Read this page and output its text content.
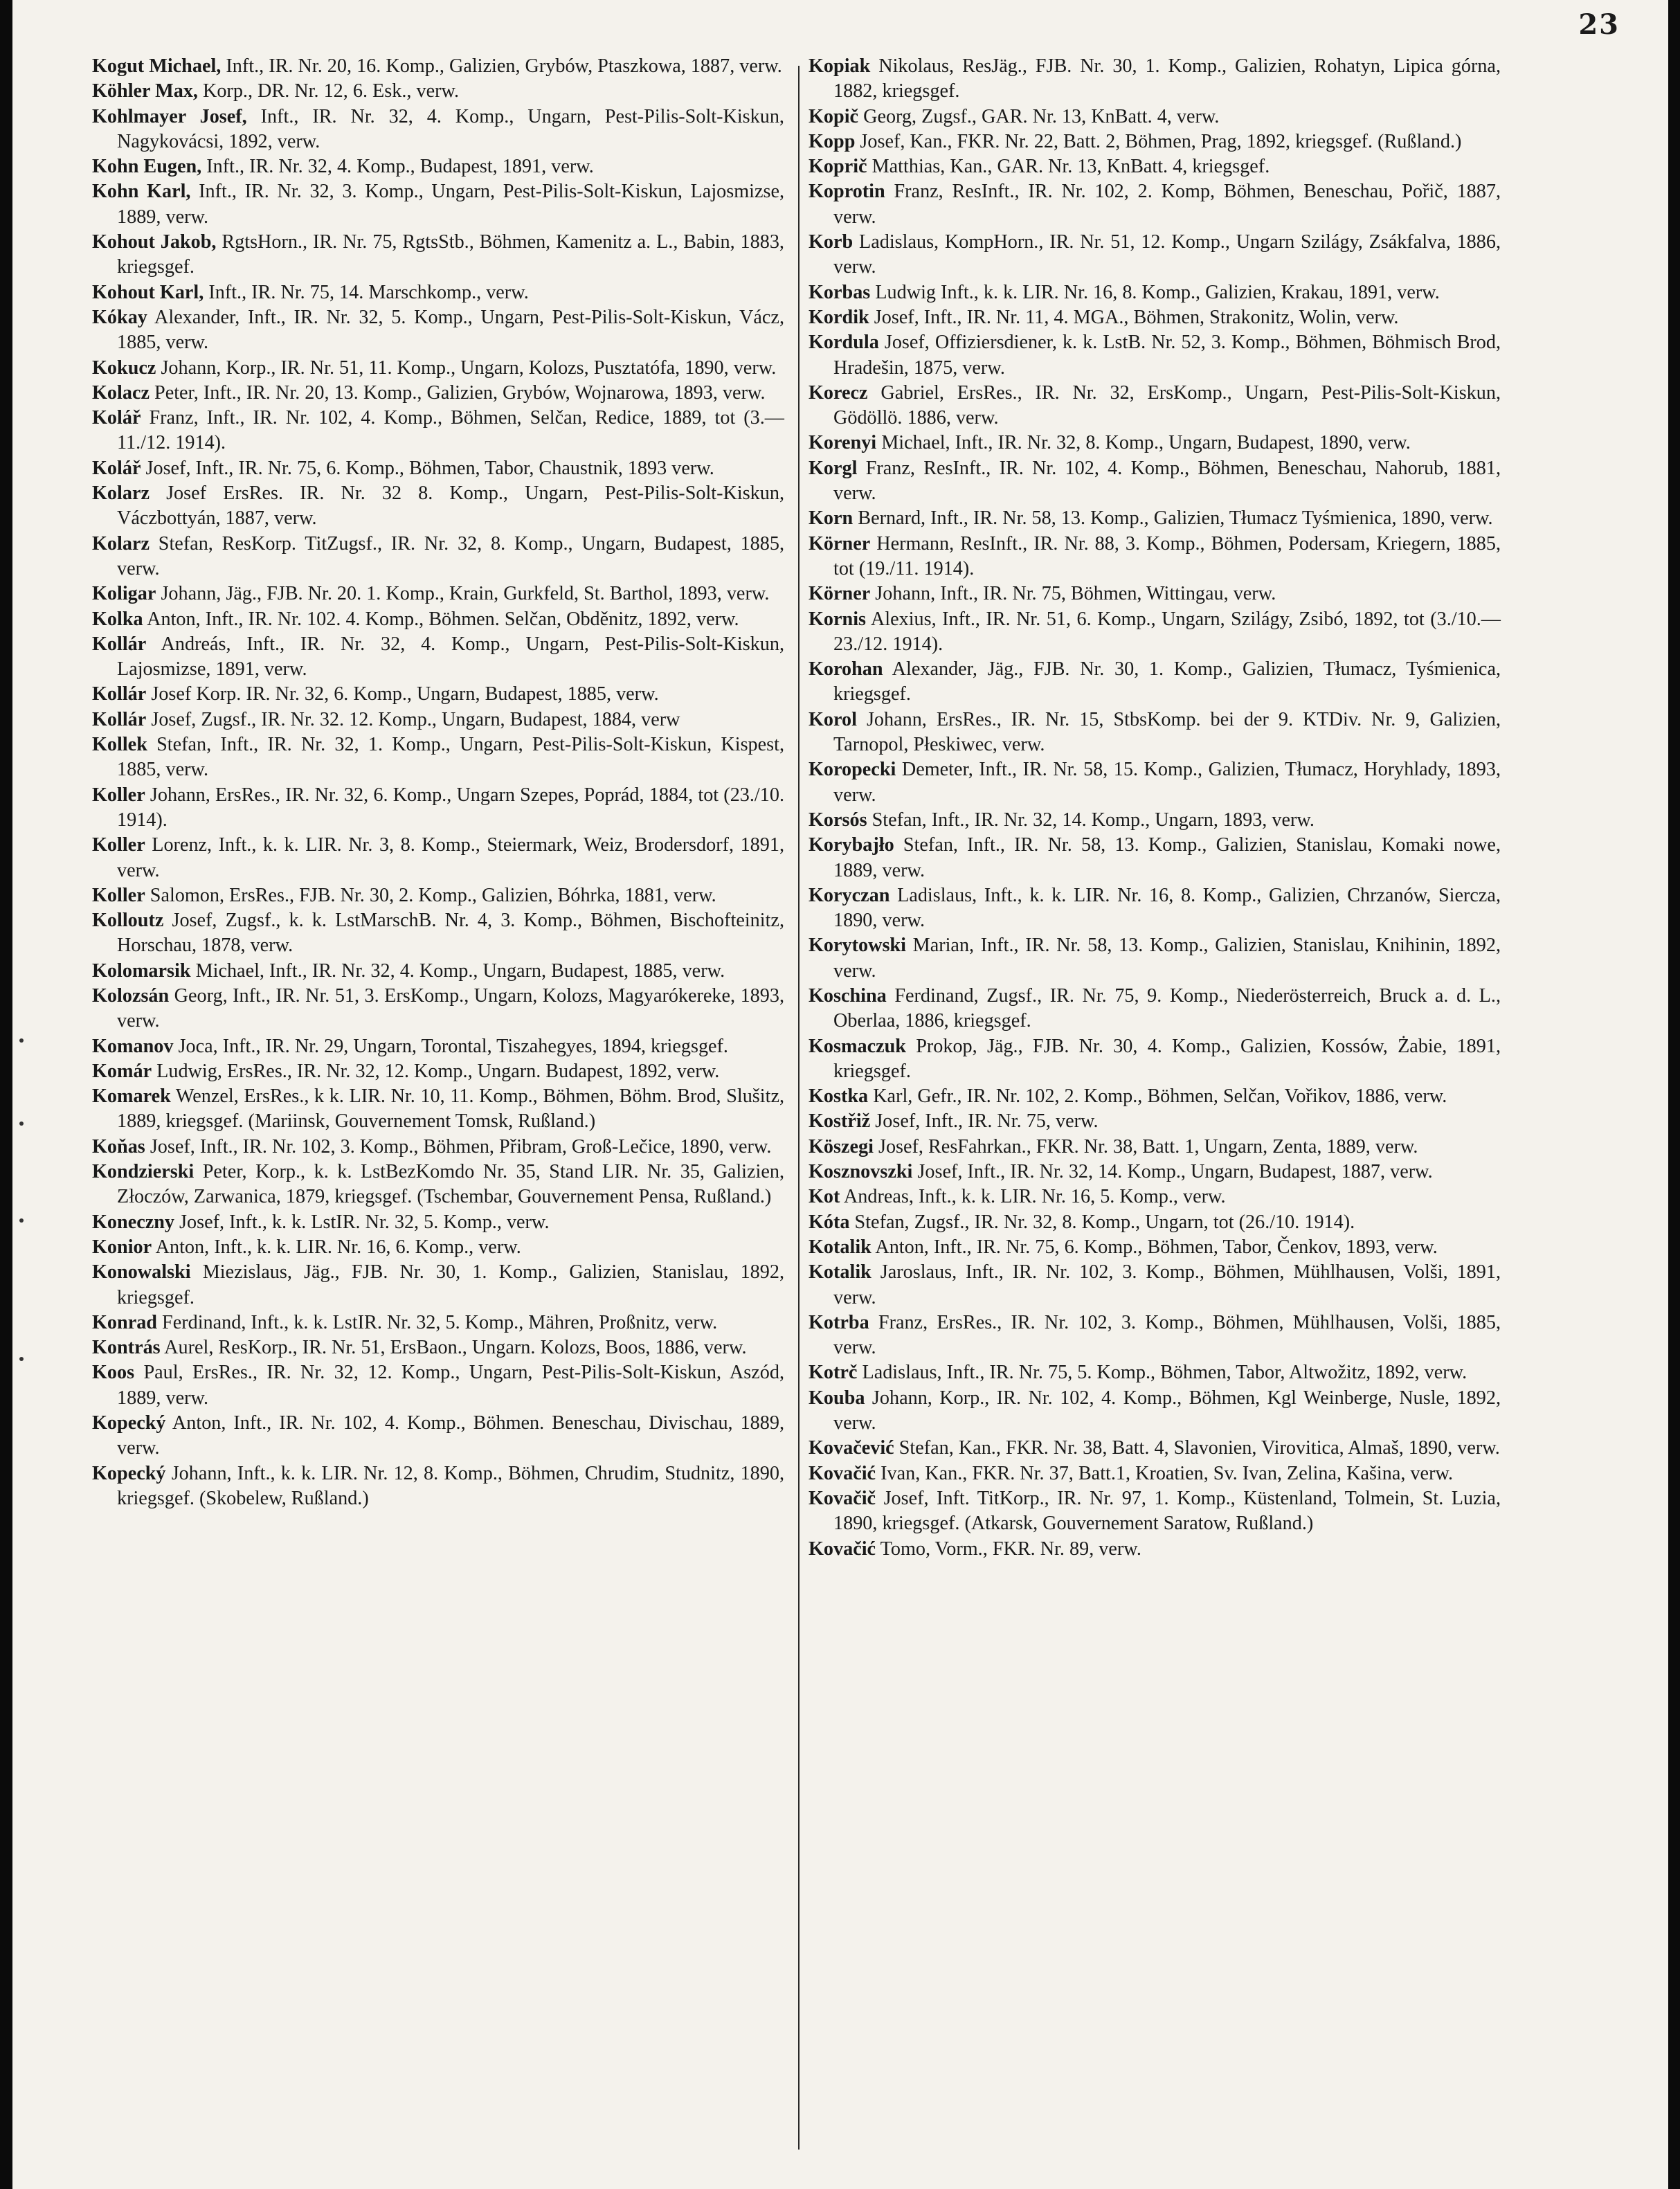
23

Kogut Michael, Inft., IR. Nr. 20, 16. Komp., Galizien, Grybów, Ptaszkowa, 1887, verw.

Köhler Max, Korp., DR. Nr. 12, 6. Esk., verw.

Kohlmayer Josef, Inft., IR. Nr. 32, 4. Komp., Ungarn, Pest-Pilis-Solt-Kiskun, Nagykovácsi, 1892, verw.

Kohn Eugen, Inft., IR. Nr. 32, 4. Komp., Budapest, 1891, verw.

Kohn Karl, Inft., IR. Nr. 32, 3. Komp., Ungarn, Pest-Pilis-Solt-Kiskun, Lajosmizse, 1889, verw.

Kohout Jakob, RgtsHorn., IR. Nr. 75, RgtsStb., Böhmen, Kamenitz a. L., Babin, 1883, kriegsgef.

Kohout Karl, Inft., IR. Nr. 75, 14. Marschkomp., verw.

Kókay Alexander, Inft., IR. Nr. 32, 5. Komp., Ungarn, Pest-Pilis-Solt-Kiskun, Vácz, 1885, verw.

Kokucz Johann, Korp., IR. Nr. 51, 11. Komp., Ungarn, Kolozs, Pusztatófa, 1890, verw.

Kolacz Peter, Inft., IR. Nr. 20, 13. Komp., Galizien, Grybów, Wojnarowa, 1893, verw.

Kolář Franz, Inft., IR. Nr. 102, 4. Komp., Böhmen, Selčan, Redice, 1889, tot (3.—11./12. 1914).

Kolář Josef, Inft., IR. Nr. 75, 6. Komp., Böhmen, Tabor, Chaustnik, 1893 verw.

Kolarz Josef ErsRes. IR. Nr. 32 8. Komp., Ungarn, Pest-Pilis-Solt-Kiskun, Váczbottyán, 1887, verw.

Kolarz Stefan, ResKorp. TitZugsf., IR. Nr. 32, 8. Komp., Ungarn, Budapest, 1885, verw.

Koligar Johann, Jäg., FJB. Nr. 20. 1. Komp., Krain, Gurkfeld, St. Barthol, 1893, verw.

Kolka Anton, Inft., IR. Nr. 102. 4. Komp., Böhmen. Selčan, Obděnitz, 1892, verw.

Kollár Andreás, Inft., IR. Nr. 32, 4. Komp., Ungarn, Pest-Pilis-Solt-Kiskun, Lajosmizse, 1891, verw.

Kollár Josef Korp. IR. Nr. 32, 6. Komp., Ungarn, Budapest, 1885, verw.

Kollár Josef, Zugsf., IR. Nr. 32. 12. Komp., Ungarn, Budapest, 1884, verw

Kollek Stefan, Inft., IR. Nr. 32, 1. Komp., Ungarn, Pest-Pilis-Solt-Kiskun, Kispest, 1885, verw.

Koller Johann, ErsRes., IR. Nr. 32, 6. Komp., Ungarn Szepes, Poprád, 1884, tot (23./10. 1914).

Koller Lorenz, Inft., k. k. LIR. Nr. 3, 8. Komp., Steiermark, Weiz, Brodersdorf, 1891, verw.

Koller Salomon, ErsRes., FJB. Nr. 30, 2. Komp., Galizien, Bóhrka, 1881, verw.

Kolloutz Josef, Zugsf., k. k. LstMarschB. Nr. 4, 3. Komp., Böhmen, Bischofteinitz, Horschau, 1878, verw.

Kolomarsik Michael, Inft., IR. Nr. 32, 4. Komp., Ungarn, Budapest, 1885, verw.

Kolozsán Georg, Inft., IR. Nr. 51, 3. ErsKomp., Ungarn, Kolozs, Magyarókereke, 1893, verw.

Komanov Joca, Inft., IR. Nr. 29, Ungarn, Torontal, Tiszahegyes, 1894, kriegsgef.

Komár Ludwig, ErsRes., IR. Nr. 32, 12. Komp., Ungarn. Budapest, 1892, verw.

Komarek Wenzel, ErsRes., k k. LIR. Nr. 10, 11. Komp., Böhmen, Böhm. Brod, Slušitz, 1889, kriegsgef. (Mariinsk, Gouvernement Tomsk, Rußland.)

Koňas Josef, Inft., IR. Nr. 102, 3. Komp., Böhmen, Přibram, Groß-Lečice, 1890, verw.

Kondzierski Peter, Korp., k. k. LstBezKomdo Nr. 35, Stand LIR. Nr. 35, Galizien, Złoczów, Zarwanica, 1879, kriegsgef. (Tschembar, Gouvernement Pensa, Rußland.)

Koneczny Josef, Inft., k. k. LstIR. Nr. 32, 5. Komp., verw.

Konior Anton, Inft., k. k. LIR. Nr. 16, 6. Komp., verw.

Konowalski Miezislaus, Jäg., FJB. Nr. 30, 1. Komp., Galizien, Stanislau, 1892, kriegsgef.

Konrad Ferdinand, Inft., k. k. LstIR. Nr. 32, 5. Komp., Mähren, Proßnitz, verw.

Kontrás Aurel, ResKorp., IR. Nr. 51, ErsBaon., Ungarn. Kolozs, Boos, 1886, verw.

Koos Paul, ErsRes., IR. Nr. 32, 12. Komp., Ungarn, Pest-Pilis-Solt-Kiskun, Aszód, 1889, verw.

Kopecký Anton, Inft., IR. Nr. 102, 4. Komp., Böhmen. Beneschau, Divischau, 1889, verw.

Kopecký Johann, Inft., k. k. LIR. Nr. 12, 8. Komp., Böhmen, Chrudim, Studnitz, 1890, kriegsgef. (Skobelew, Rußland.)

Kopiak Nikolaus, ResJäg., FJB. Nr. 30, 1. Komp., Galizien, Rohatyn, Lipica górna, 1882, kriegsgef.

Kopič Georg, Zugsf., GAR. Nr. 13, KnBatt. 4, verw.

Kopp Josef, Kan., FKR. Nr. 22, Batt. 2, Böhmen, Prag, 1892, kriegsgef. (Rußland.)

Koprič Matthias, Kan., GAR. Nr. 13, KnBatt. 4, kriegsgef.

Koprotin Franz, ResInft., IR. Nr. 102, 2. Komp, Böhmen, Beneschau, Pořič, 1887, verw.

Korb Ladislaus, KompHorn., IR. Nr. 51, 12. Komp., Ungarn Szilágy, Zsákfalva, 1886, verw.

Korbas Ludwig Inft., k. k. LIR. Nr. 16, 8. Komp., Galizien, Krakau, 1891, verw.

Kordik Josef, Inft., IR. Nr. 11, 4. MGA., Böhmen, Strakonitz, Wolin, verw.

Kordula Josef, Offiziersdiener, k. k. LstB. Nr. 52, 3. Komp., Böhmen, Böhmisch Brod, Hradešin, 1875, verw.

Korecz Gabriel, ErsRes., IR. Nr. 32, ErsKomp., Ungarn, Pest-Pilis-Solt-Kiskun, Gödöllö. 1886, verw.

Korenyi Michael, Inft., IR. Nr. 32, 8. Komp., Ungarn, Budapest, 1890, verw.

Korgl Franz, ResInft., IR. Nr. 102, 4. Komp., Böhmen, Beneschau, Nahorub, 1881, verw.

Korn Bernard, Inft., IR. Nr. 58, 13. Komp., Galizien, Tłumacz Tyśmienica, 1890, verw.

Körner Hermann, ResInft., IR. Nr. 88, 3. Komp., Böhmen, Podersam, Kriegern, 1885, tot (19./11. 1914).

Körner Johann, Inft., IR. Nr. 75, Böhmen, Wittingau, verw.

Kornis Alexius, Inft., IR. Nr. 51, 6. Komp., Ungarn, Szilágy, Zsibó, 1892, tot (3./10.—23./12. 1914).

Korohan Alexander, Jäg., FJB. Nr. 30, 1. Komp., Galizien, Tłumacz, Tyśmienica, kriegsgef.

Korol Johann, ErsRes., IR. Nr. 15, StbsKomp. bei der 9. KTDiv. Nr. 9, Galizien, Tarnopol, Płeskiwec, verw.

Koropecki Demeter, Inft., IR. Nr. 58, 15. Komp., Galizien, Tłumacz, Horyhlady, 1893, verw.

Korsós Stefan, Inft., IR. Nr. 32, 14. Komp., Ungarn, 1893, verw.

Korybajło Stefan, Inft., IR. Nr. 58, 13. Komp., Galizien, Stanislau, Komaki nowe, 1889, verw.

Koryczan Ladislaus, Inft., k. k. LIR. Nr. 16, 8. Komp., Galizien, Chrzanów, Siercza, 1890, verw.

Korytowski Marian, Inft., IR. Nr. 58, 13. Komp., Galizien, Stanislau, Knihinin, 1892, verw.

Koschina Ferdinand, Zugsf., IR. Nr. 75, 9. Komp., Niederösterreich, Bruck a. d. L., Oberlaa, 1886, kriegsgef.

Kosmaczuk Prokop, Jäg., FJB. Nr. 30, 4. Komp., Galizien, Kossów, Żabie, 1891, kriegsgef.

Kostka Karl, Gefr., IR. Nr. 102, 2. Komp., Böhmen, Selčan, Vořikov, 1886, verw.

Kostřiž Josef, Inft., IR. Nr. 75, verw.

Köszegi Josef, ResFahrkan., FKR. Nr. 38, Batt. 1, Ungarn, Zenta, 1889, verw.

Kosznovszki Josef, Inft., IR. Nr. 32, 14. Komp., Ungarn, Budapest, 1887, verw.

Kot Andreas, Inft., k. k. LIR. Nr. 16, 5. Komp., verw.

Kóta Stefan, Zugsf., IR. Nr. 32, 8. Komp., Ungarn, tot (26./10. 1914).

Kotalik Anton, Inft., IR. Nr. 75, 6. Komp., Böhmen, Tabor, Čenkov, 1893, verw.

Kotalik Jaroslaus, Inft., IR. Nr. 102, 3. Komp., Böhmen, Mühlhausen, Volši, 1891, verw.

Kotrba Franz, ErsRes., IR. Nr. 102, 3. Komp., Böhmen, Mühlhausen, Volši, 1885, verw.

Kotrč Ladislaus, Inft., IR. Nr. 75, 5. Komp., Böhmen, Tabor, Altwožitz, 1892, verw.

Kouba Johann, Korp., IR. Nr. 102, 4. Komp., Böhmen, Kgl Weinberge, Nusle, 1892, verw.

Kovačević Stefan, Kan., FKR. Nr. 38, Batt. 4, Slavonien, Virovitica, Almaš, 1890, verw.

Kovačić Ivan, Kan., FKR. Nr. 37, Batt.1, Kroatien, Sv. Ivan, Zelina, Kašina, verw.

Kovačič Josef, Inft. TitKorp., IR. Nr. 97, 1. Komp., Küstenland, Tolmein, St. Luzia, 1890, kriegsgef. (Atkarsk, Gouvernement Saratow, Rußland.)

Kovačić Tomo, Vorm., FKR. Nr. 89, verw.
